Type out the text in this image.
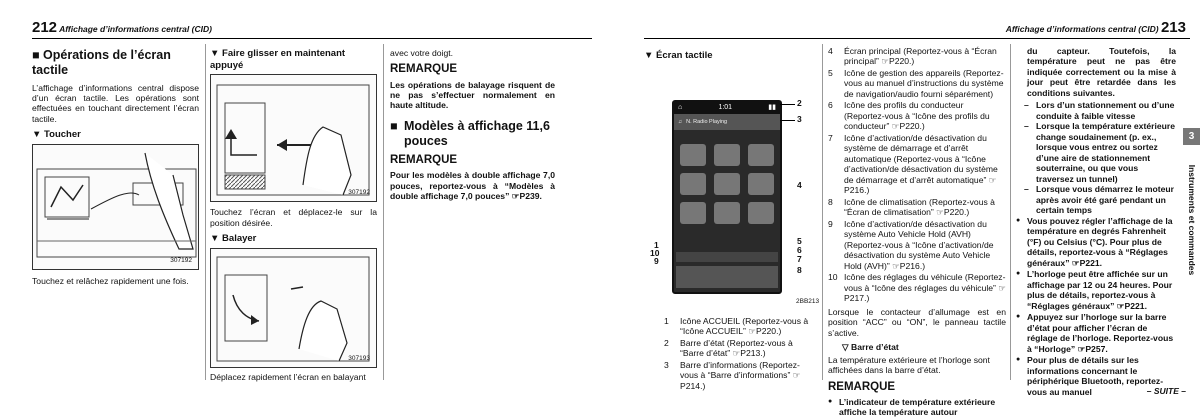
212 Affichage d’informations central (CID)
■ Opérations de l’écran tactile

L’affichage d’informations central dispose d’un écran tactile. Les opérations sont effectuées en touchant directement l’écran tactile.

▼ Toucher
307192

Touchez et relâchez rapidement une fois.

▼ Faire glisser en maintenant appuyé
307192

Touchez l’écran et déplacez-le sur la position désirée.

▼ Balayer
307193

Déplacez rapidement l’écran en balayant

avec votre doigt.

REMARQUE

Les opérations de balayage risquent de ne pas s’effectuer normalement en haute altitude.

■ Modèles à affichage 11,6 pouces
REMARQUE

Pour les modèles à double affichage 7,0 pouces, reportez-vous à “Modèles à double affichage 7,0 pouces” ☞P239.

Affichage d’informations central (CID) 213
▼ Écran tactile
1	Icône ACCUEIL (Reportez-vous à “Icône ACCUEIL” ☞P220.)
2	Barre d’état (Reportez-vous à “Barre d’état” ☞P213.)
3	Barre d’informations (Reportez-vous à “Barre d’informations” ☞P214.)
⌂	1:01	▮▮
♫ N. Radio Playing
2BB213
2
3
4
5
6
7
8
1
10
9
4	Écran principal (Reportez-vous à “Écran principal” ☞P220.)
5	Icône de gestion des appareils (Reportez-vous au manuel d’instructions du système de navigation/audio fourni séparément)
6	Icône des profils du conducteur (Reportez-vous à “Icône des profils du conducteur” ☞P220.)
7	Icône d’activation/de désactivation du système de démarrage et d’arrêt automatique (Reportez-vous à “Icône d’activation/de désactivation du système de démarrage et d’arrêt automatique” ☞P216.)
8	Icône de climatisation (Reportez-vous à “Écran de climatisation” ☞P220.)
9	Icône d’activation/de désactivation du système Auto Vehicle Hold (AVH) (Reportez-vous à “Icône d’activation/de désactivation du système Auto Vehicle Hold (AVH)” ☞P216.)
10 Icône des réglages du véhicule (Reportez-vous à “Icône des réglages du véhicule” ☞P217.)

Lorsque le contacteur d’allumage est en position “ACC” ou “ON”, le panneau tactile s’active.

▽ Barre d’état

La température extérieure et l’horloge sont affichées dans la barre d’état.

REMARQUE
● L’indicateur de température extérieure affiche la température autour

du capteur. Toutefois, la température peut ne pas être indiquée correctement ou la mise à jour peut être retardée dans les conditions suivantes.

– Lors d’un stationnement ou d’une conduite à faible vitesse

– Lorsque la température extérieure change soudainement (p. ex., lorsque vous entrez ou sortez d’une aire de stationnement souterraine, ou que vous traversez un tunnel)

– Lorsque vous démarrez le moteur après avoir été garé pendant un certain temps

● Vous pouvez régler l’affichage de la température en degrés Fahrenheit (°F) ou Celsius (°C). Pour plus de détails, reportez-vous à “Réglages généraux” ☞P221.
● L’horloge peut être affichée sur un affichage par 12 ou 24 heures. Pour plus de détails, reportez-vous à “Réglages généraux” ☞P221.
● Appuyez sur l’horloge sur la barre d’état pour afficher l’écran de réglage de l’horloge. Reportez-vous à “Horloge” ☞P257.
● Pour plus de détails sur les informations concernant le périphérique Bluetooth, reportez-vous au manuel
3
Instruments et commandes
– SUITE –
